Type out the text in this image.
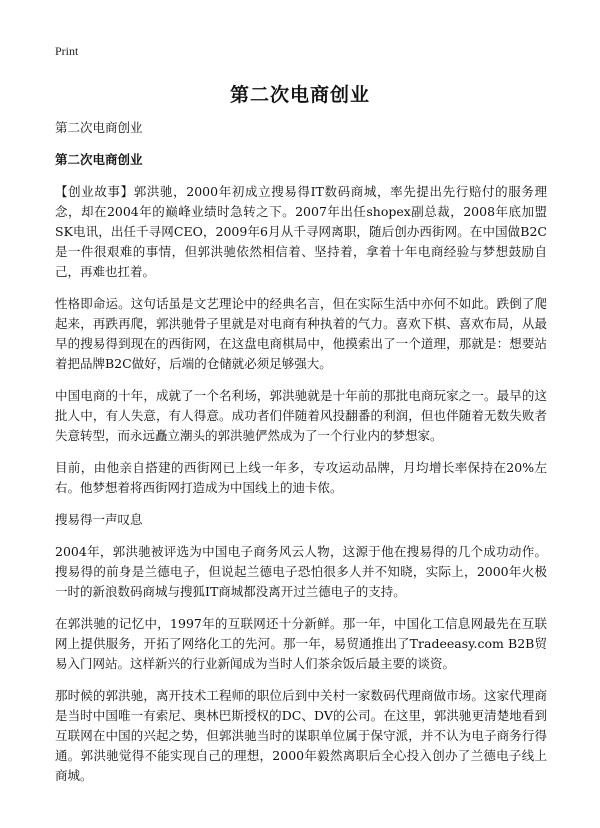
Print
第二次电商创业

第二次电商创业

第二次电商创业

【创业故事】郭洪驰，2000年初成立搜易得IT数码商城，率先提出先行赔付的服务理念，却在2004年的巅峰业绩时急转之下。2007年出任shopex副总裁，2008年底加盟SK电讯，出任千寻网CEO，2009年6月从千寻网离职，随后创办西街网。在中国做B2C是一件很艰难的事情，但郭洪驰依然相信着、坚持着，拿着十年电商经验与梦想鼓励自己，再难也扛着。

性格即命运。这句话虽是文艺理论中的经典名言，但在实际生活中亦何不如此。跌倒了爬起来，再跌再爬，郭洪驰骨子里就是对电商有种执着的气力。喜欢下棋、喜欢布局，从最早的搜易得到现在的西街网，在这盘电商棋局中，他摸索出了一个道理，那就是：想要站着把品牌B2C做好，后端的仓储就必须足够强大。

中国电商的十年，成就了一个名利场，郭洪驰就是十年前的那批电商玩家之一。最早的这批人中，有人失意，有人得意。成功者们伴随着风投翻番的利润，但也伴随着无数失败者失意转型，而永远矗立潮头的郭洪驰俨然成为了一个行业内的梦想家。

目前，由他亲自搭建的西街网已上线一年多，专攻运动品牌，月均增长率保持在20%左右。他梦想着将西街网打造成为中国线上的迪卡侬。

搜易得一声叹息

2004年，郭洪驰被评选为中国电子商务风云人物，这源于他在搜易得的几个成功动作。搜易得的前身是兰德电子，但说起兰德电子恐怕很多人并不知晓，实际上，2000年火极一时的新浪数码商城与搜狐IT商城都没离开过兰德电子的支持。

在郭洪驰的记忆中，1997年的互联网还十分新鲜。那一年，中国化工信息网最先在互联网上提供服务，开拓了网络化工的先河。那一年，易贸通推出了Tradeeasy.com B2B贸易入门网站。这样新兴的行业新闻成为当时人们茶余饭后最主要的谈资。

那时候的郭洪驰，离开技术工程师的职位后到中关村一家数码代理商做市场。这家代理商是当时中国唯一有索尼、奥林巴斯授权的DC、DV的公司。在这里，郭洪驰更清楚地看到互联网在中国的兴起之势，但郭洪驰当时的谋职单位属于保守派，并不认为电子商务行得通。郭洪驰觉得不能实现自己的理想，2000年毅然离职后全心投入创办了兰德电子线上商城。
